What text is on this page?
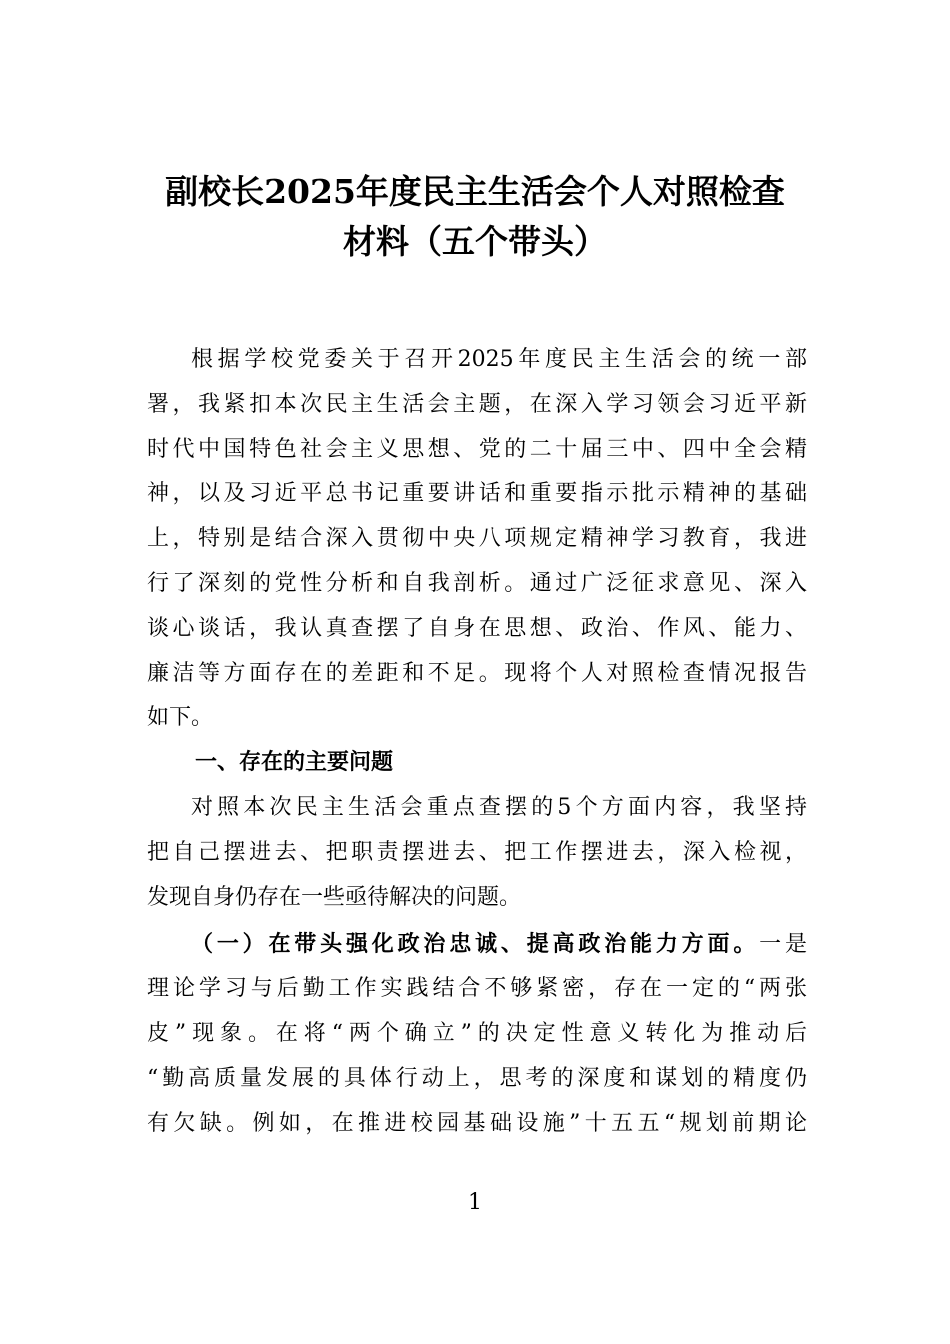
副校长2025年度民主生活会个人对照检查
材料（五个带头）
根据学校党委关于召开2025年度民主生活会的统一部
署，我紧扣本次民主生活会主题，在深入学习领会习近平新
时代中国特色社会主义思想、党的二十届三中、四中全会精
神，以及习近平总书记重要讲话和重要指示批示精神的基础
上，特别是结合深入贯彻中央八项规定精神学习教育，我进
行了深刻的党性分析和自我剖析。通过广泛征求意见、深入
谈心谈话，我认真查摆了自身在思想、政治、作风、能力、
廉洁等方面存在的差距和不足。现将个人对照检查情况报告
如下。
一、存在的主要问题
对照本次民主生活会重点查摆的5个方面内容，我坚持
把自己摆进去、把职责摆进去、把工作摆进去，深入检视，
发现自身仍存在一些亟待解决的问题。
（一）在带头强化政治忠诚、提高政治能力方面。一是
理论学习与后勤工作实践结合不够紧密，存在一定的“两张
皮”现象。在将“两个确立”的决定性意义转化为推动后
“勤高质量发展的具体行动上，思考的深度和谋划的精度仍
有欠缺。例如，在推进校园基础设施”十五五“规划前期论
1
